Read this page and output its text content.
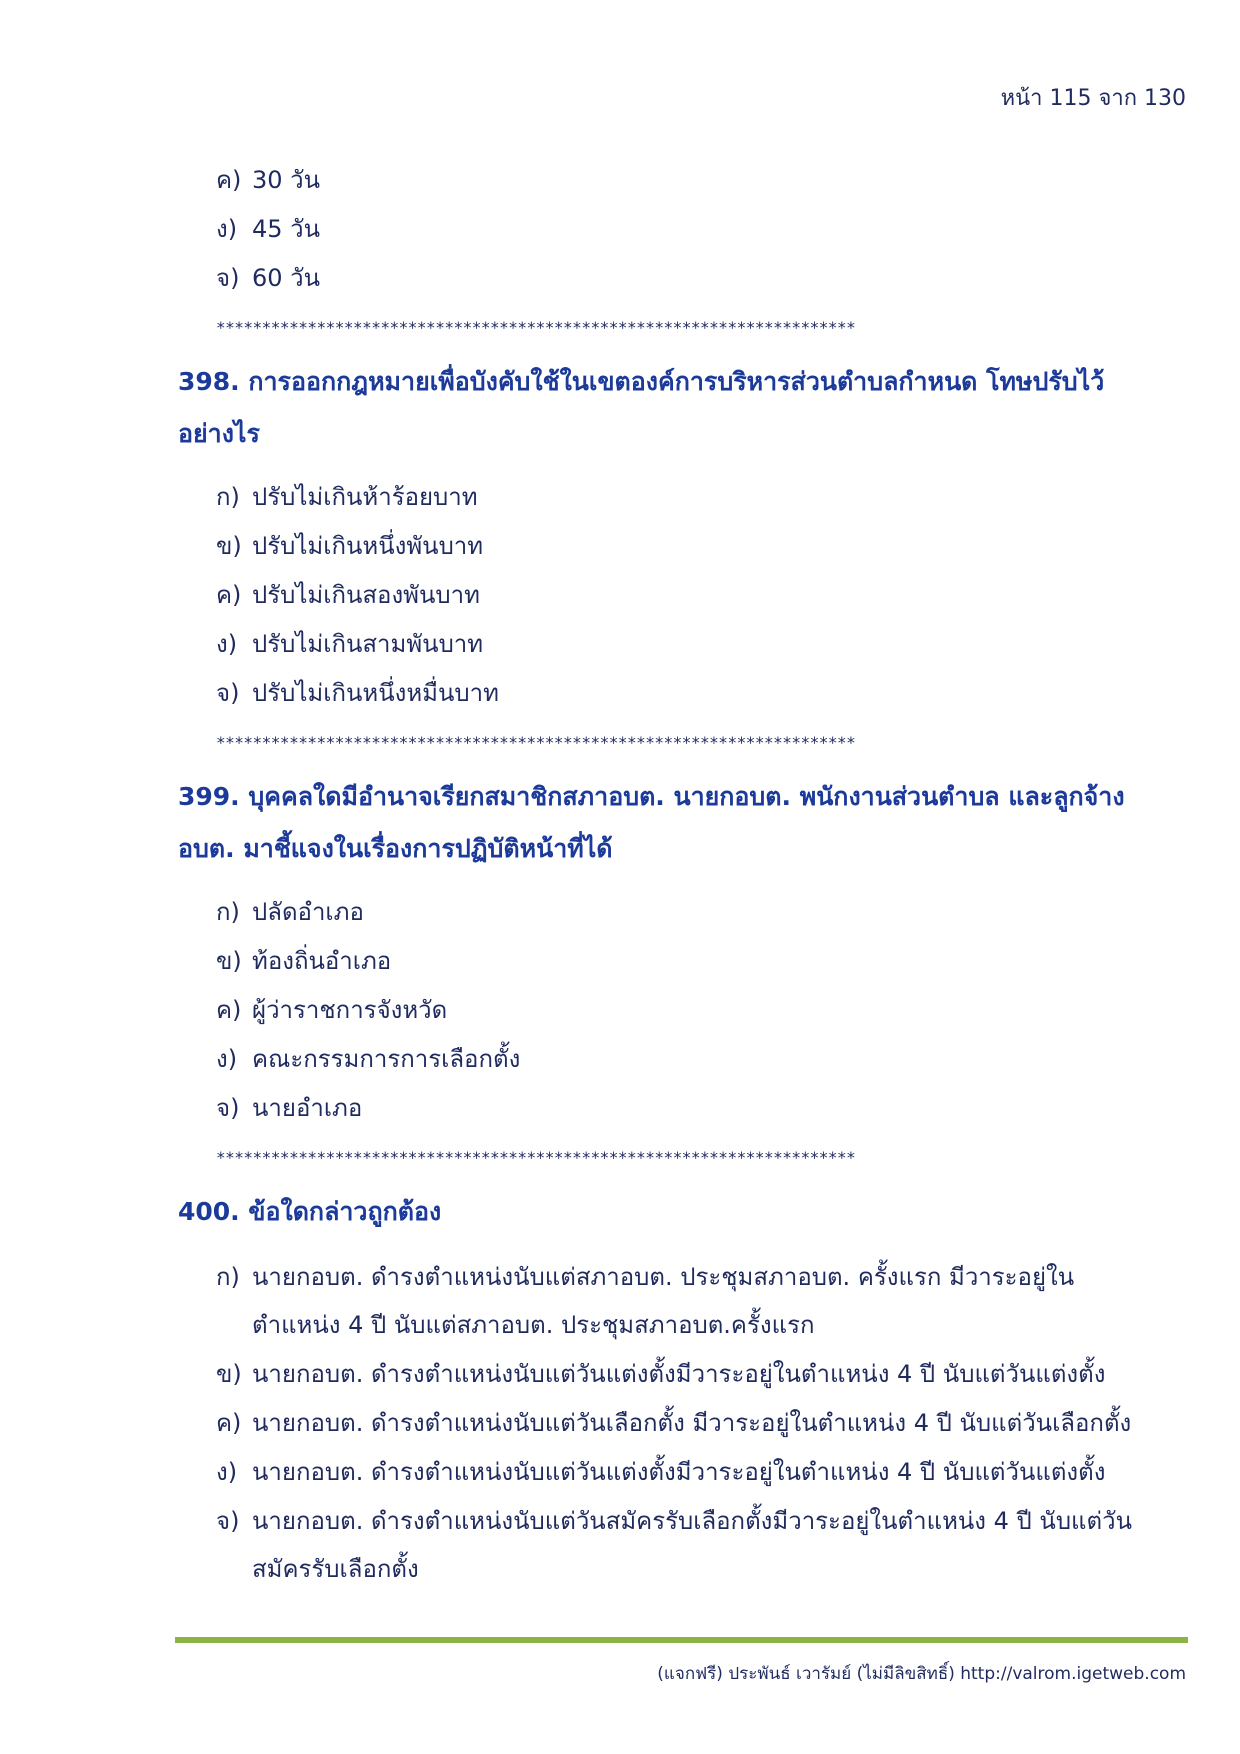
หน้า 115 จาก 130
ค) 30 วัน
ง) 45 วัน
จ) 60 วัน
**********************************************************************
398. การออกกฎหมายเพื่อบังคับใช้ในเขตองค์การบริหารส่วนตำบลกำหนด โทษปรับไว้
อย่างไร
ก) ปรับไม่เกินห้าร้อยบาท
ข) ปรับไม่เกินหนึ่งพันบาท
ค) ปรับไม่เกินสองพันบาท
ง) ปรับไม่เกินสามพันบาท
จ) ปรับไม่เกินหนึ่งหมื่นบาท
**********************************************************************
399. บุคคลใดมีอำนาจเรียกสมาชิกสภาอบต. นายกอบต. พนักงานส่วนตำบล และลูกจ้าง
อบต. มาชี้แจงในเรื่องการปฏิบัติหน้าที่ได้
ก) ปลัดอำเภอ
ข) ท้องถิ่นอำเภอ
ค) ผู้ว่าราชการจังหวัด
ง) คณะกรรมการการเลือกตั้ง
จ) นายอำเภอ
**********************************************************************
400. ข้อใดกล่าวถูกต้อง
ก) นายกอบต. ดำรงตำแหน่งนับแต่สภาอบต. ประชุมสภาอบต. ครั้งแรก มีวาระอยู่ใน
ตำแหน่ง 4 ปี นับแต่สภาอบต. ประชุมสภาอบต.ครั้งแรก
ข) นายกอบต. ดำรงตำแหน่งนับแต่วันแต่งตั้งมีวาระอยู่ในตำแหน่ง 4 ปี นับแต่วันแต่งตั้ง
ค) นายกอบต. ดำรงตำแหน่งนับแต่วันเลือกตั้ง มีวาระอยู่ในตำแหน่ง 4 ปี นับแต่วันเลือกตั้ง
ง) นายกอบต. ดำรงตำแหน่งนับแต่วันแต่งตั้งมีวาระอยู่ในตำแหน่ง 4 ปี นับแต่วันแต่งตั้ง
จ) นายกอบต. ดำรงตำแหน่งนับแต่วันสมัครรับเลือกตั้งมีวาระอยู่ในตำแหน่ง 4 ปี นับแต่วัน
สมัครรับเลือกตั้ง
(แจกฟรี) ประพันธ์ เวารัมย์ (ไม่มีลิขสิทธิ์) http://valrom.igetweb.com
